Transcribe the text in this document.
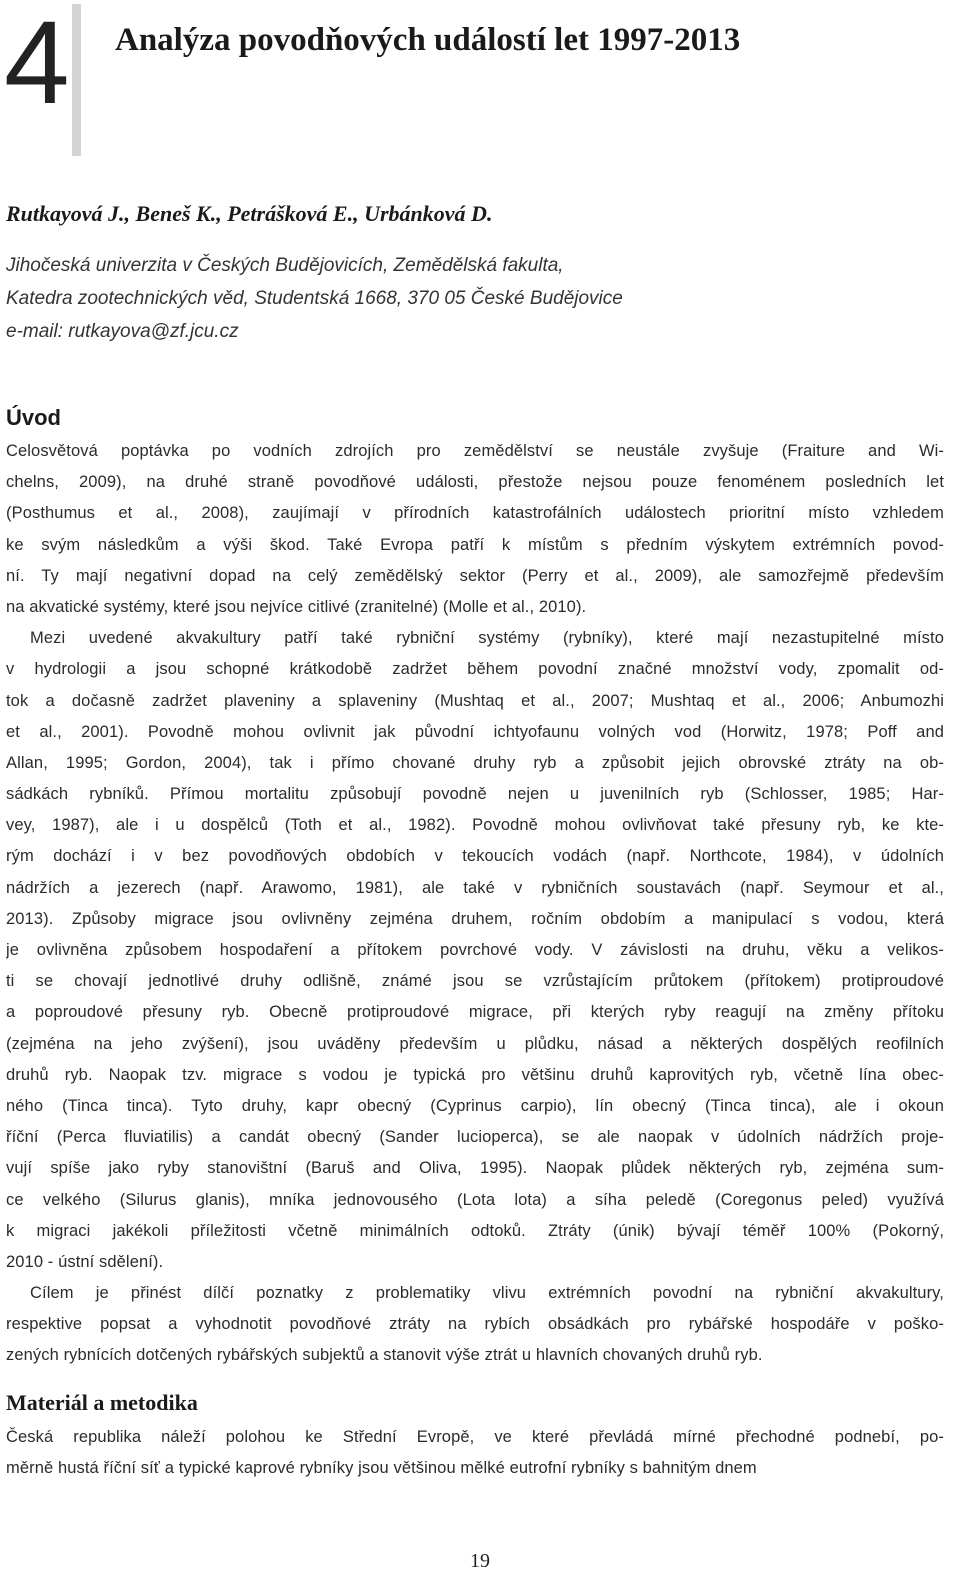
4 Analýza povodňových událostí let 1997-2013
Rutkayová J., Beneš K., Petrášková E., Urbánková D.
Jihočeská univerzita v Českých Budějovicích, Zemědělská fakulta,
Katedra zootechnických věd, Studentská 1668, 370 05 České Budějovice
e-mail: rutkayova@zf.jcu.cz
Úvod
Celosvětová poptávka po vodních zdrojích pro zemědělství se neustále zvyšuje (Fraiture and Wi-
chelns, 2009), na druhé straně povodňové události, přestože nejsou pouze fenoménem posledních let
(Posthumus et al., 2008), zaujímají v přírodních katastrofálních událostech prioritní místo vzhledem
ke svým následkům a výši škod. Také Evropa patří k místům s předním výskytem extrémních povod-
ní. Ty mají negativní dopad na celý zemědělský sektor (Perry et al., 2009), ale samozřejmě především
na akvatické systémy, které jsou nejvíce citlivé (zranitelné) (Molle et al., 2010).
Mezi uvedené akvakultury patří také rybniční systémy (rybníky), které mají nezastupitelné místo
v hydrologii a jsou schopné krátkodobě zadržet během povodní značné množství vody, zpomalit od-
tok a dočasně zadržet plaveniny a splaveniny (Mushtaq et al., 2007; Mushtaq et al., 2006; Anbumozhi
et al., 2001). Povodně mohou ovlivnit jak původní ichtyofaunu volných vod (Horwitz, 1978; Poff and
Allan, 1995; Gordon, 2004), tak i přímo chované druhy ryb a způsobit jejich obrovské ztráty na ob-
sádkách rybníků. Přímou mortalitu způsobují povodně nejen u juvenilních ryb (Schlosser, 1985; Har-
vey, 1987), ale i u dospělců (Toth et al., 1982). Povodně mohou ovlivňovat také přesuny ryb, ke kte-
rým dochází i v bez povodňových obdobích v tekoucích vodách (např. Northcote, 1984), v údolních
nádržích a jezerech (např. Arawomo, 1981), ale také v rybničních soustavách (např. Seymour et al.,
2013). Způsoby migrace jsou ovlivněny zejména druhem, ročním obdobím a manipulací s vodou, která
je ovlivněna způsobem hospodaření a přítokem povrchové vody. V závislosti na druhu, věku a velikos-
ti se chovají jednotlivé druhy odlišně, známé jsou se vzrůstajícím průtokem (přítokem) protiproudové
a poproudové přesuny ryb. Obecně protiproudové migrace, při kterých ryby reagují na změny přítoku
(zejména na jeho zvýšení), jsou uváděny především u plůdku, násad a některých dospělých reofilních
druhů ryb. Naopak tzv. migrace s vodou je typická pro většinu druhů kaprovitých ryb, včetně lína obec-
ného (Tinca tinca). Tyto druhy, kapr obecný (Cyprinus carpio), lín obecný (Tinca tinca), ale i okoun
říční (Perca fluviatilis) a candát obecný (Sander lucioperca), se ale naopak v údolních nádržích proje-
vují spíše jako ryby stanovištní (Baruš and Oliva, 1995). Naopak plůdek některých ryb, zejména sum-
ce velkého (Silurus glanis), mníka jednovousého (Lota lota) a síha peledě (Coregonus peled) využívá
k migraci jakékoli příležitosti včetně minimálních odtoků. Ztráty (únik) bývají téměř 100% (Pokorný,
2010 - ústní sdělení).
Cílem je přinést dílčí poznatky z problematiky vlivu extrémních povodní na rybniční akvakultury,
respektive popsat a vyhodnotit povodňové ztráty na rybích obsádkách pro rybářské hospodáře v poško-
zených rybnících dotčených rybářských subjektů a stanovit výše ztrát u hlavních chovaných druhů ryb.
Materiál a metodika
Česká republika náleží polohou ke Střední Evropě, ve které převládá mírné přechodné podnebí, po-
měrně hustá říční síť a typické kaprové rybníky jsou většinou mělké eutrofní rybníky s bahnitým dnem
19
